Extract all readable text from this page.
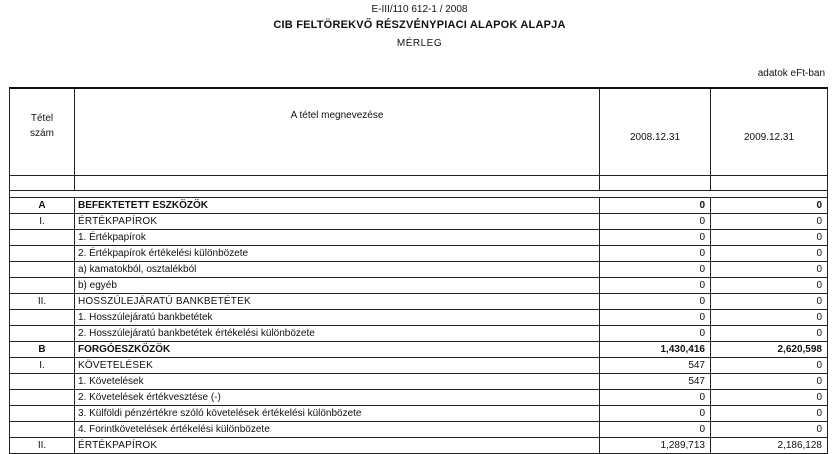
E-III/110 612-1 / 2008
CIB FELTÖREKVŐ RÉSZVÉNYPIACI ALAPOK ALAPJA
MÉRLEG
adatok eFt-ban
Tétel
szám	A tétel megnevezése	2008.12.31	2009.12.31

A	BEFEKTETETT ESZKÖZÖK	0	0
I.	ÉRTÉKPAPÍROK	0	0
	1. Értékpapírok	0	0
	2. Értékpapírok értékelési különbözete	0	0
	a) kamatokból, osztalékból	0	0
	b) egyéb	0	0
II.	HOSSZÚLEJÁRATÚ BANKBETÉTEK	0	0
	1. Hosszúlejáratú bankbetétek	0	0
	2. Hosszúlejáratú bankbetétek értékelési különbözete	0	0
B	FORGÓESZKÖZÖK	1,430,416	2,620,598
I.	KÖVETELÉSEK	547	0
	1. Követelések	547	0
	2. Követelések értékvesztése (-)	0	0
	3. Külföldi pénzértékre szóló követelések értékelési különbözete	0	0
	4. Forintkövetelések értékelési különbözete	0	0
II.	ÉRTÉKPAPÍROK	1,289,713	2,186,128
